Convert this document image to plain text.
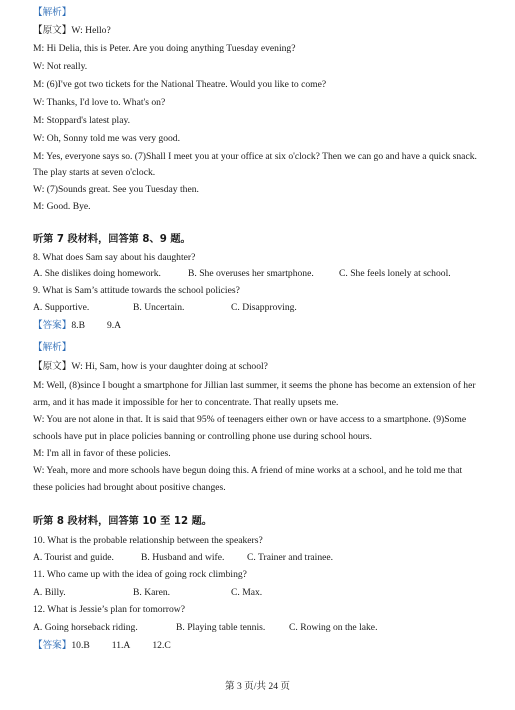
【解析】
【原文】W: Hello?
M: Hi Delia, this is Peter. Are you doing anything Tuesday evening?
W: Not really.
M: (6)I've got two tickets for the National Theatre. Would you like to come?
W: Thanks, I'd love to. What's on?
M: Stoppard's latest play.
W: Oh, Sonny told me was very good.
M: Yes, everyone says so. (7)Shall I meet you at your office at six o'clock? Then we can go and have a quick snack.
The play starts at seven o'clock.
W: (7)Sounds great. See you Tuesday then.
M: Good. Bye.
听第 7 段材料，回答第 8、9 题。
8. What does Sam say about his daughter?
A. She dislikes doing homework.	B. She overuses her smartphone.	C. She feels lonely at school.
9. What is Sam’s attitude towards the school policies?
A. Supportive.	B. Uncertain.	C. Disapproving.
【答案】8.B 9.A
【解析】
【原文】W: Hi, Sam, how is your daughter doing at school?
M: Well, (8)since I bought a smartphone for Jillian last summer, it seems the phone has become an extension of her
arm, and it has made it impossible for her to concentrate. That really upsets me.
W: You are not alone in that. It is said that 95% of teenagers either own or have access to a smartphone. (9)Some
schools have put in place policies banning or controlling phone use during school hours.
M: I'm all in favor of these policies.
W: Yeah, more and more schools have begun doing this. A friend of mine works at a school, and he told me that
these policies had brought about positive changes.
听第 8 段材料，回答第 10 至 12 题。
10. What is the probable relationship between the speakers?
A. Tourist and guide.	B. Husband and wife. C. Trainer and trainee.
11. Who came up with the idea of going rock climbing?
A. Billy.	B. Karen.	C. Max.
12. What is Jessie’s plan for tomorrow?
A. Going horseback riding.	B. Playing table tennis. C. Rowing on the lake.
【答案】10.B 11.A 12.C
第 3 页/共 24 页
